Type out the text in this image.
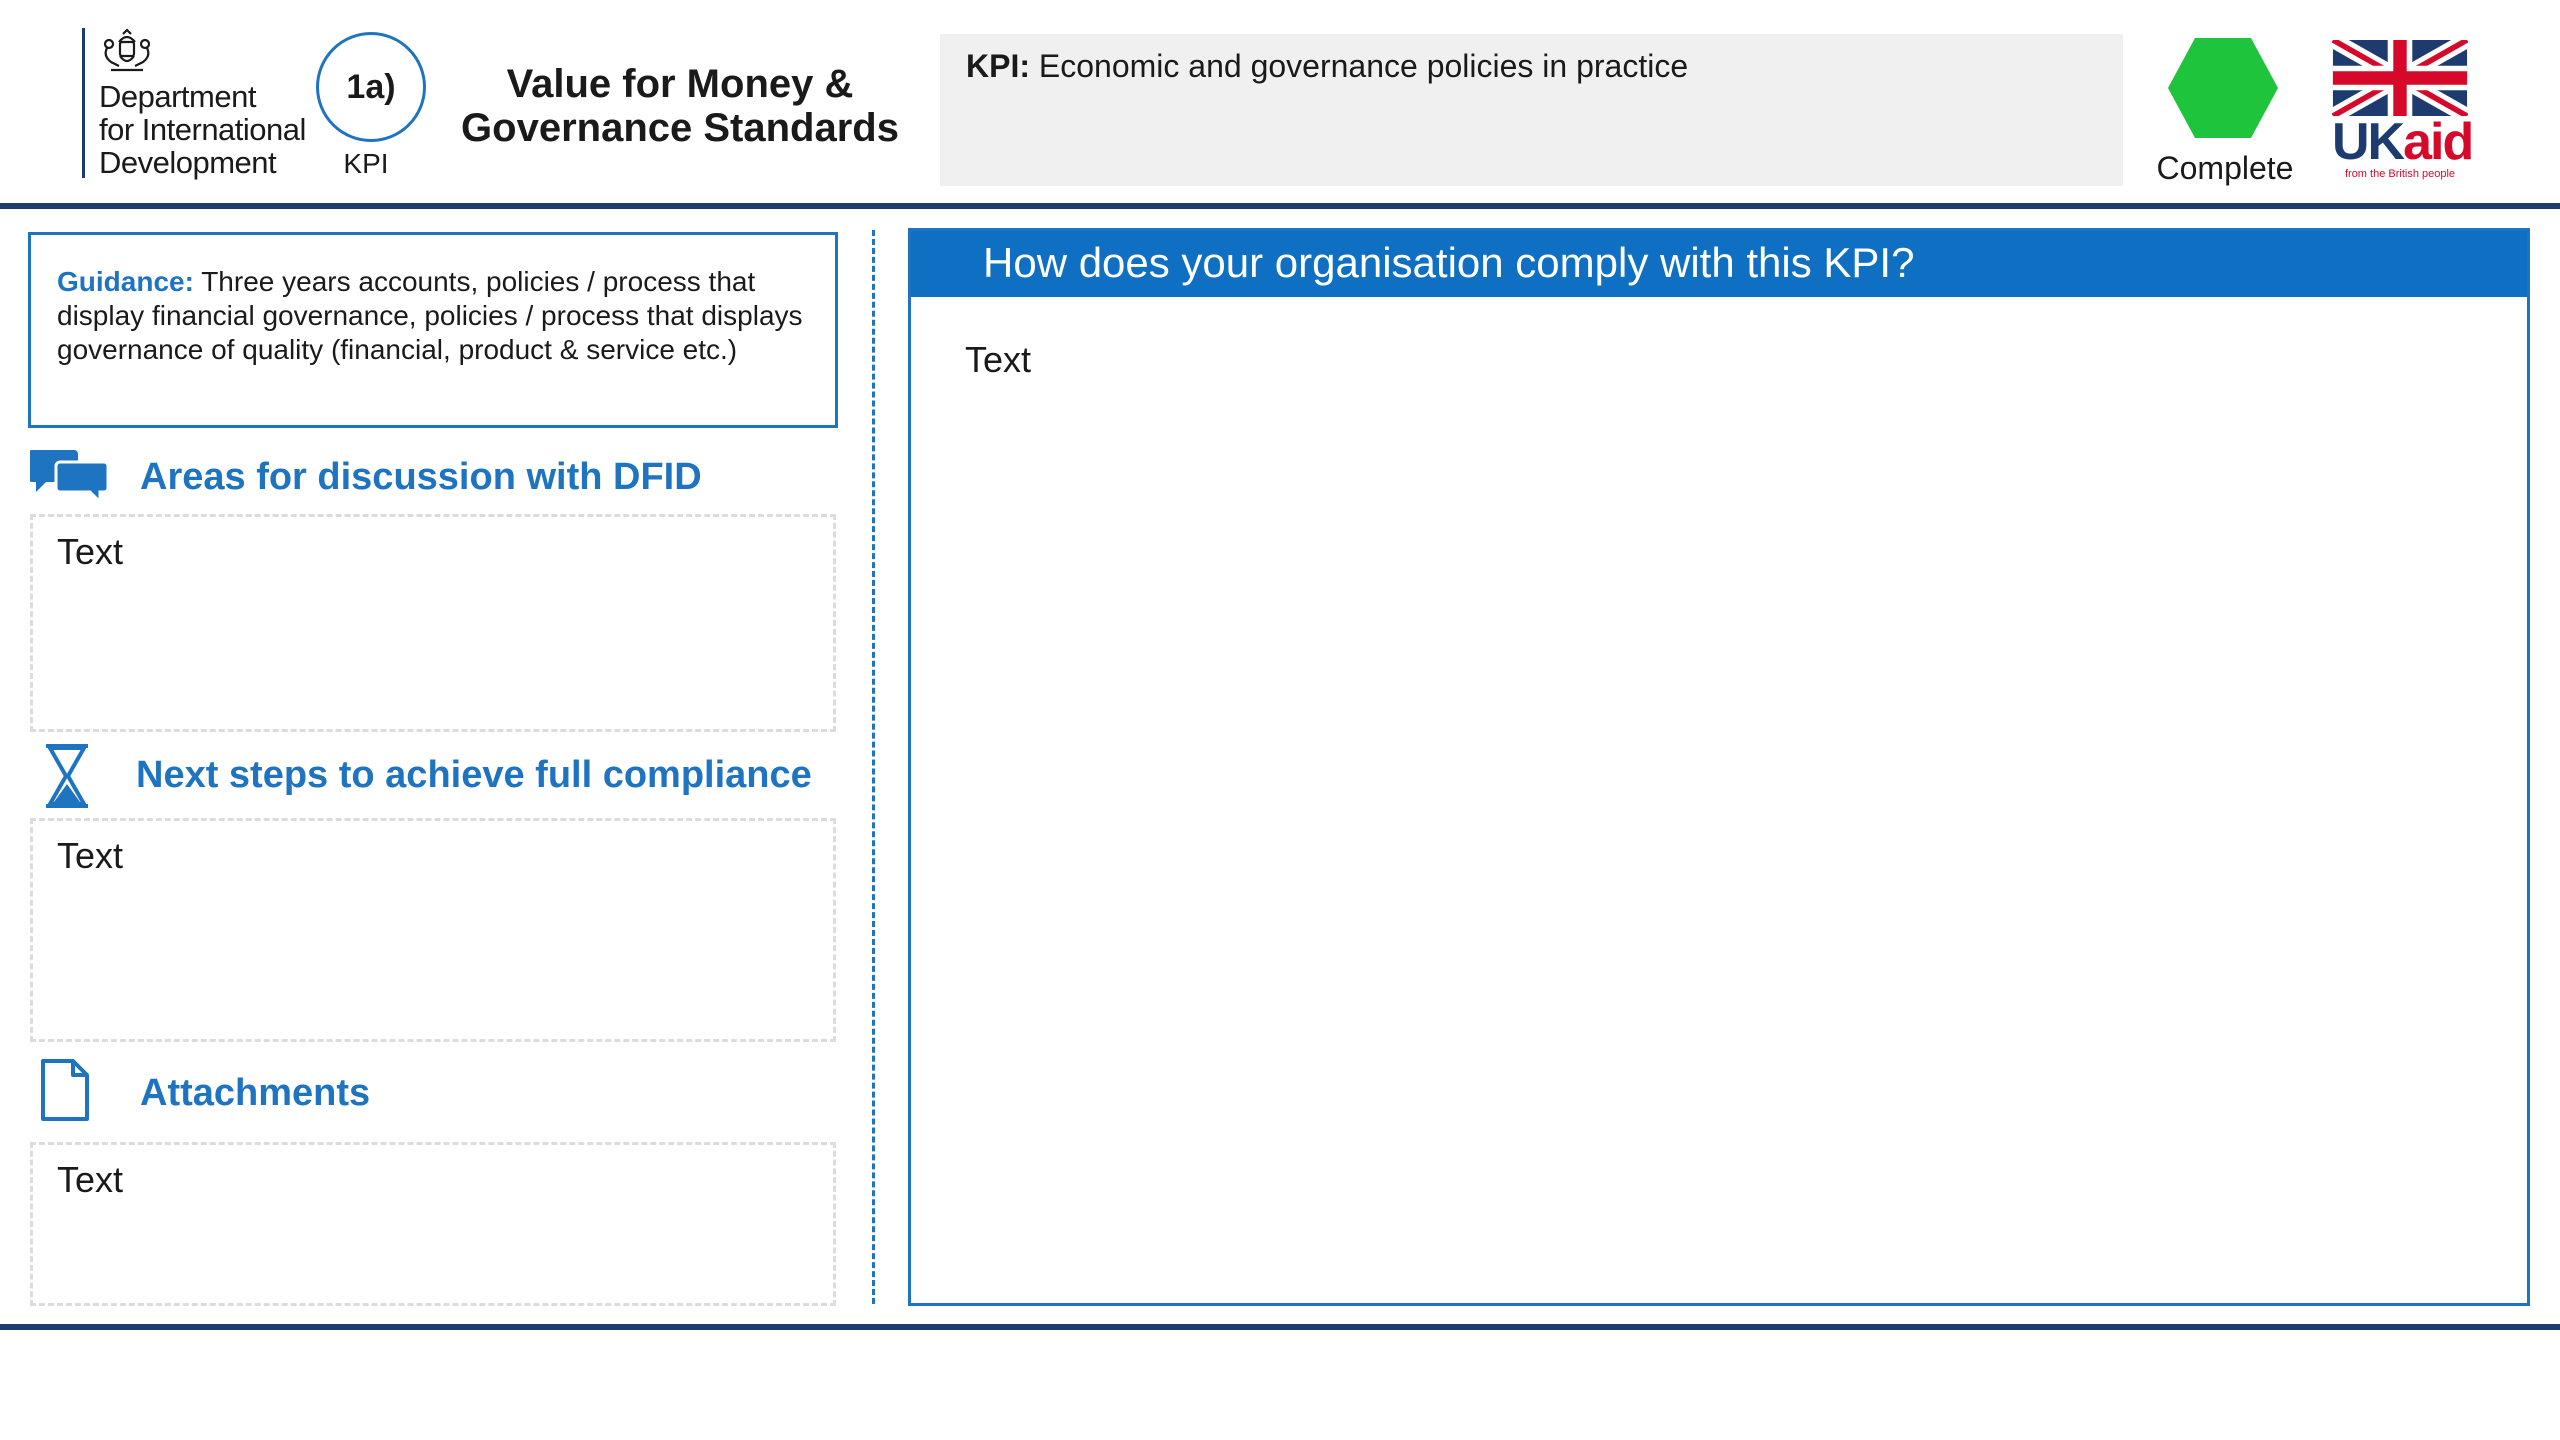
Department
for International
Development
1a)
KPI
Value for Money &
Governance Standards
KPI: Economic and governance policies in practice
Complete UKaid
from the British people
Guidance: Three years accounts, policies / process that display financial governance, policies / process that displays governance of quality (financial, product & service etc.)
Areas for discussion with DFID
Text
Next steps to achieve full compliance
Text
Attachments
Text
How does your organisation comply with this KPI?
Text
